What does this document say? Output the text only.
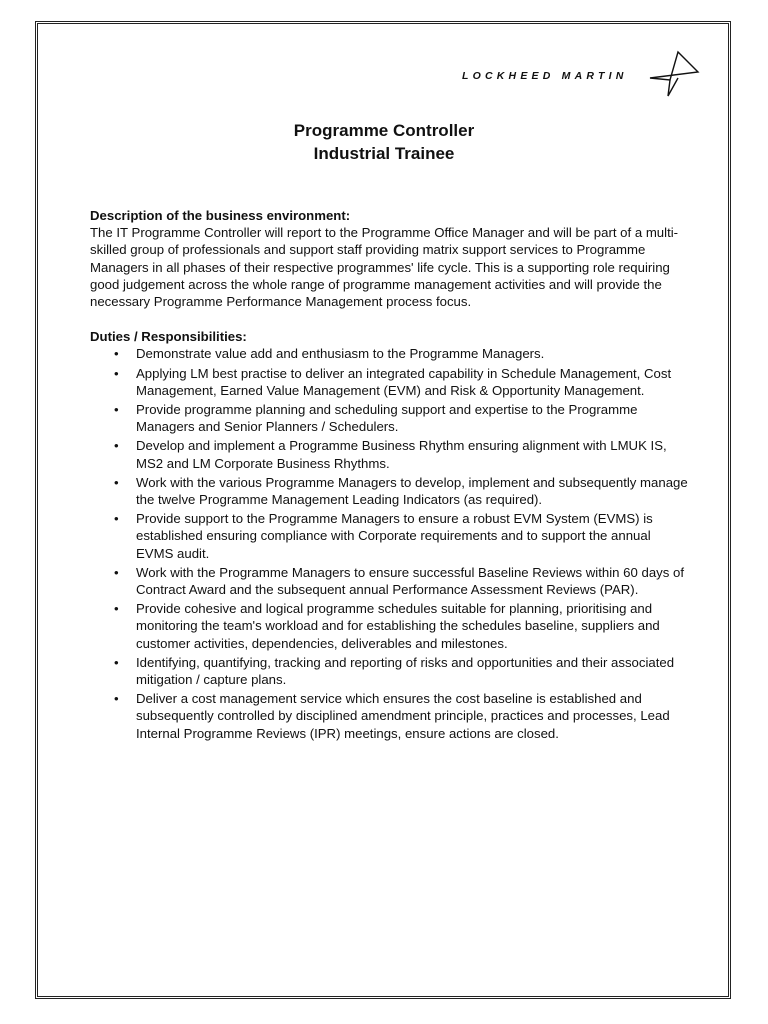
LOCKHEED MARTIN
Programme Controller
Industrial Trainee
Description of the business environment:

The IT Programme Controller will report to the Programme Office Manager and will be part of a multi-skilled group of professionals and support staff providing matrix support services to Programme Managers in all phases of their respective programmes' life cycle. This is a supporting role requiring good judgement across the whole range of programme management activities and will provide the necessary Programme Performance Management process focus.

Duties / Responsibilities:
• Demonstrate value add and enthusiasm to the Programme Managers.
• Applying LM best practise to deliver an integrated capability in Schedule Management, Cost Management, Earned Value Management (EVM) and Risk & Opportunity Management.
• Provide programme planning and scheduling support and expertise to the Programme Managers and Senior Planners / Schedulers.
• Develop and implement a Programme Business Rhythm ensuring alignment with LMUK IS, MS2 and LM Corporate Business Rhythms.
• Work with the various Programme Managers to develop, implement and subsequently manage the twelve Programme Management Leading Indicators (as required).
• Provide support to the Programme Managers to ensure a robust EVM System (EVMS) is established ensuring compliance with Corporate requirements and to support the annual EVMS audit.
• Work with the Programme Managers to ensure successful Baseline Reviews within 60 days of Contract Award and the subsequent annual Performance Assessment Reviews (PAR).
• Provide cohesive and logical programme schedules suitable for planning, prioritising and monitoring the team's workload and for establishing the schedules baseline, suppliers and customer activities, dependencies, deliverables and milestones.
• Identifying, quantifying, tracking and reporting of risks and opportunities and their associated mitigation / capture plans.
• Deliver a cost management service which ensures the cost baseline is established and subsequently controlled by disciplined amendment principle, practices and processes, Lead Internal Programme Reviews (IPR) meetings, ensure actions are closed.
